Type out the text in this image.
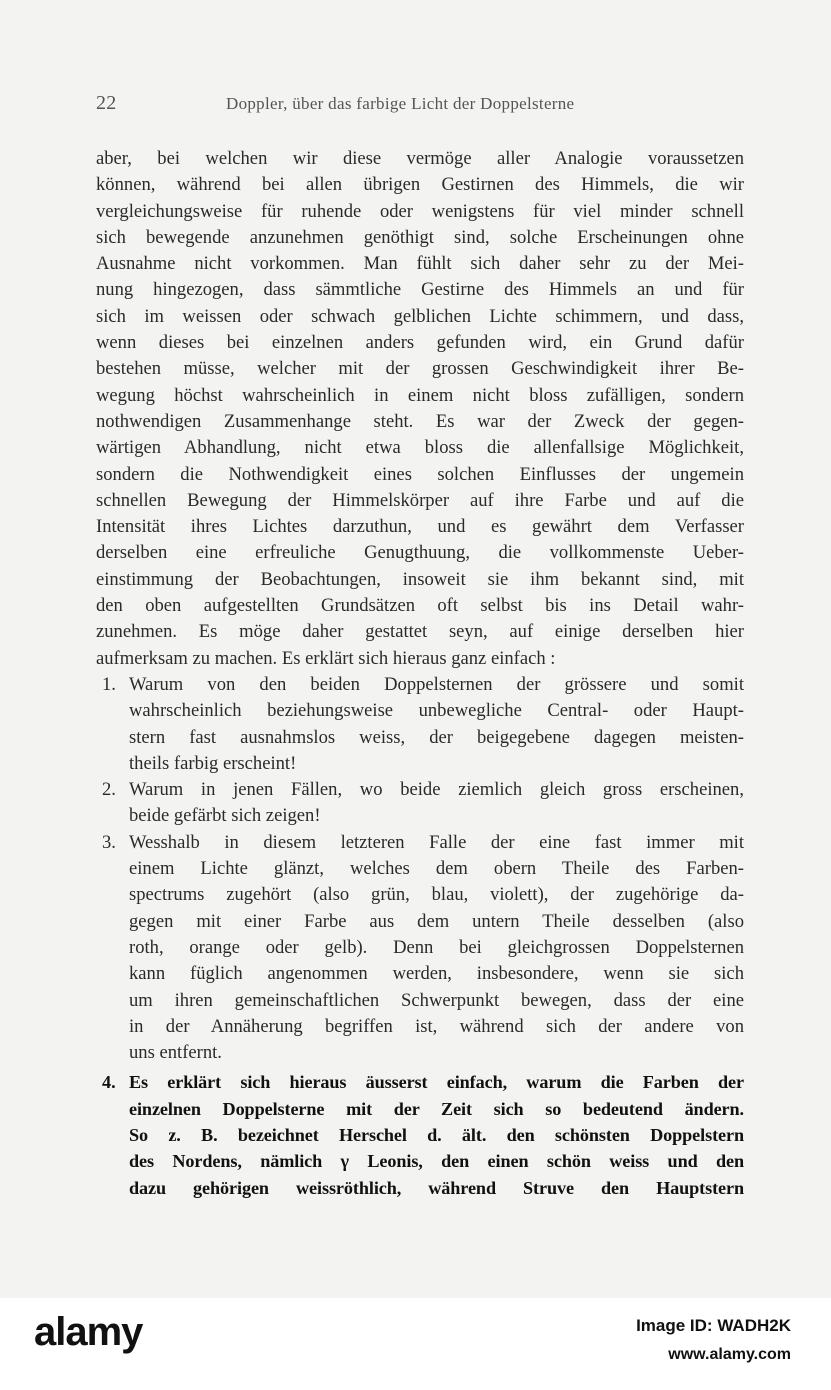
22	Doppler, über das farbige Licht der Doppelsterne
aber, bei welchen wir diese vermöge aller Analogie voraussetzen
können, während bei allen übrigen Gestirnen des Himmels, die wir
vergleichungsweise für ruhende oder wenigstens für viel minder schnell
sich bewegende anzunehmen genöthigt sind, solche Erscheinungen ohne
Ausnahme nicht vorkommen. Man fühlt sich daher sehr zu der Mei-
nung hingezogen, dass sämmtliche Gestirne des Himmels an und für
sich im weissen oder schwach gelblichen Lichte schimmern, und dass,
wenn dieses bei einzelnen anders gefunden wird, ein Grund dafür
bestehen müsse, welcher mit der grossen Geschwindigkeit ihrer Be-
wegung höchst wahrscheinlich in einem nicht bloss zufälligen, sondern
nothwendigen Zusammenhange steht. Es war der Zweck der gegen-
wärtigen Abhandlung, nicht etwa bloss die allenfallsige Möglichkeit,
sondern die Nothwendigkeit eines solchen Einflusses der ungemein
schnellen Bewegung der Himmelskörper auf ihre Farbe und auf die
Intensität ihres Lichtes darzuthun, und es gewährt dem Verfasser
derselben eine erfreuliche Genugthuung, die vollkommenste Ueber-
einstimmung der Beobachtungen, insoweit sie ihm bekannt sind, mit
den oben aufgestellten Grundsätzen oft selbst bis ins Detail wahr-
zunehmen. Es möge daher gestattet seyn, auf einige derselben hier
aufmerksam zu machen. Es erklärt sich hieraus ganz einfach :
1. Warum von den beiden Doppelsternen der grössere und somit
wahrscheinlich beziehungsweise unbewegliche Central- oder Haupt-
stern fast ausnahmslos weiss, der beigegebene dagegen meisten-
theils farbig erscheint!
2. Warum in jenen Fällen, wo beide ziemlich gleich gross erscheinen,
beide gefärbt sich zeigen!
3. Wesshalb in diesem letzteren Falle der eine fast immer mit
einem Lichte glänzt, welches dem obern Theile des Farben-
spectrums zugehört (also grün, blau, violett), der zugehörige da-
gegen mit einer Farbe aus dem untern Theile desselben (also
roth, orange oder gelb). Denn bei gleichgrossen Doppelsternen
kann füglich angenommen werden, insbesondere, wenn sie sich
um ihren gemeinschaftlichen Schwerpunkt bewegen, dass der eine
in der Annäherung begriffen ist, während sich der andere von
uns entfernt.
4. Es erklärt sich hieraus äusserst einfach, warum die Farben der
einzelnen Doppelsterne mit der Zeit sich so bedeutend ändern.
So z. B. bezeichnet Herschel d. ält. den schönsten Doppelstern
des Nordens, nämlich γ Leonis, den einen schön weiss und den
dazu gehörigen weissröthlich, während Struve den Hauptstern
alamy	Image ID: WADH2K
www.alamy.com
